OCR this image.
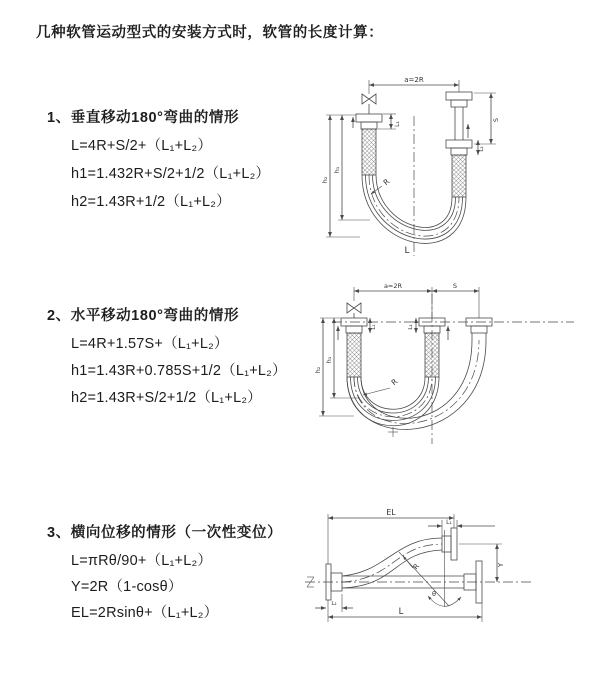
几种软管运动型式的安装方式时，软管的长度计算：
1、垂直移动180°弯曲的情形
L=4R+S/2+（L₁+L₂）
h1=1.432R+S/2+1/2（L₁+L₂）
h2=1.43R+1/2（L₁+L₂）
a=2R
L₁
h₁
h₂
S
L₂
R
L
2、水平移动180°弯曲的情形
L=4R+1.57S+（L₁+L₂）
h1=1.43R+0.785S+1/2（L₁+L₂）
h2=1.43R+S/2+1/2（L₁+L₂）
a=2R	S
h₁
h₂
L₁	L₂
R
3、横向位移的情形（一次性变位）
L=πRθ/90+（L₁+L₂）
Y=2R（1-cosθ）
EL=2Rsinθ+（L₁+L₂）
EL
L₁
Y
θ
R
L₂
L
